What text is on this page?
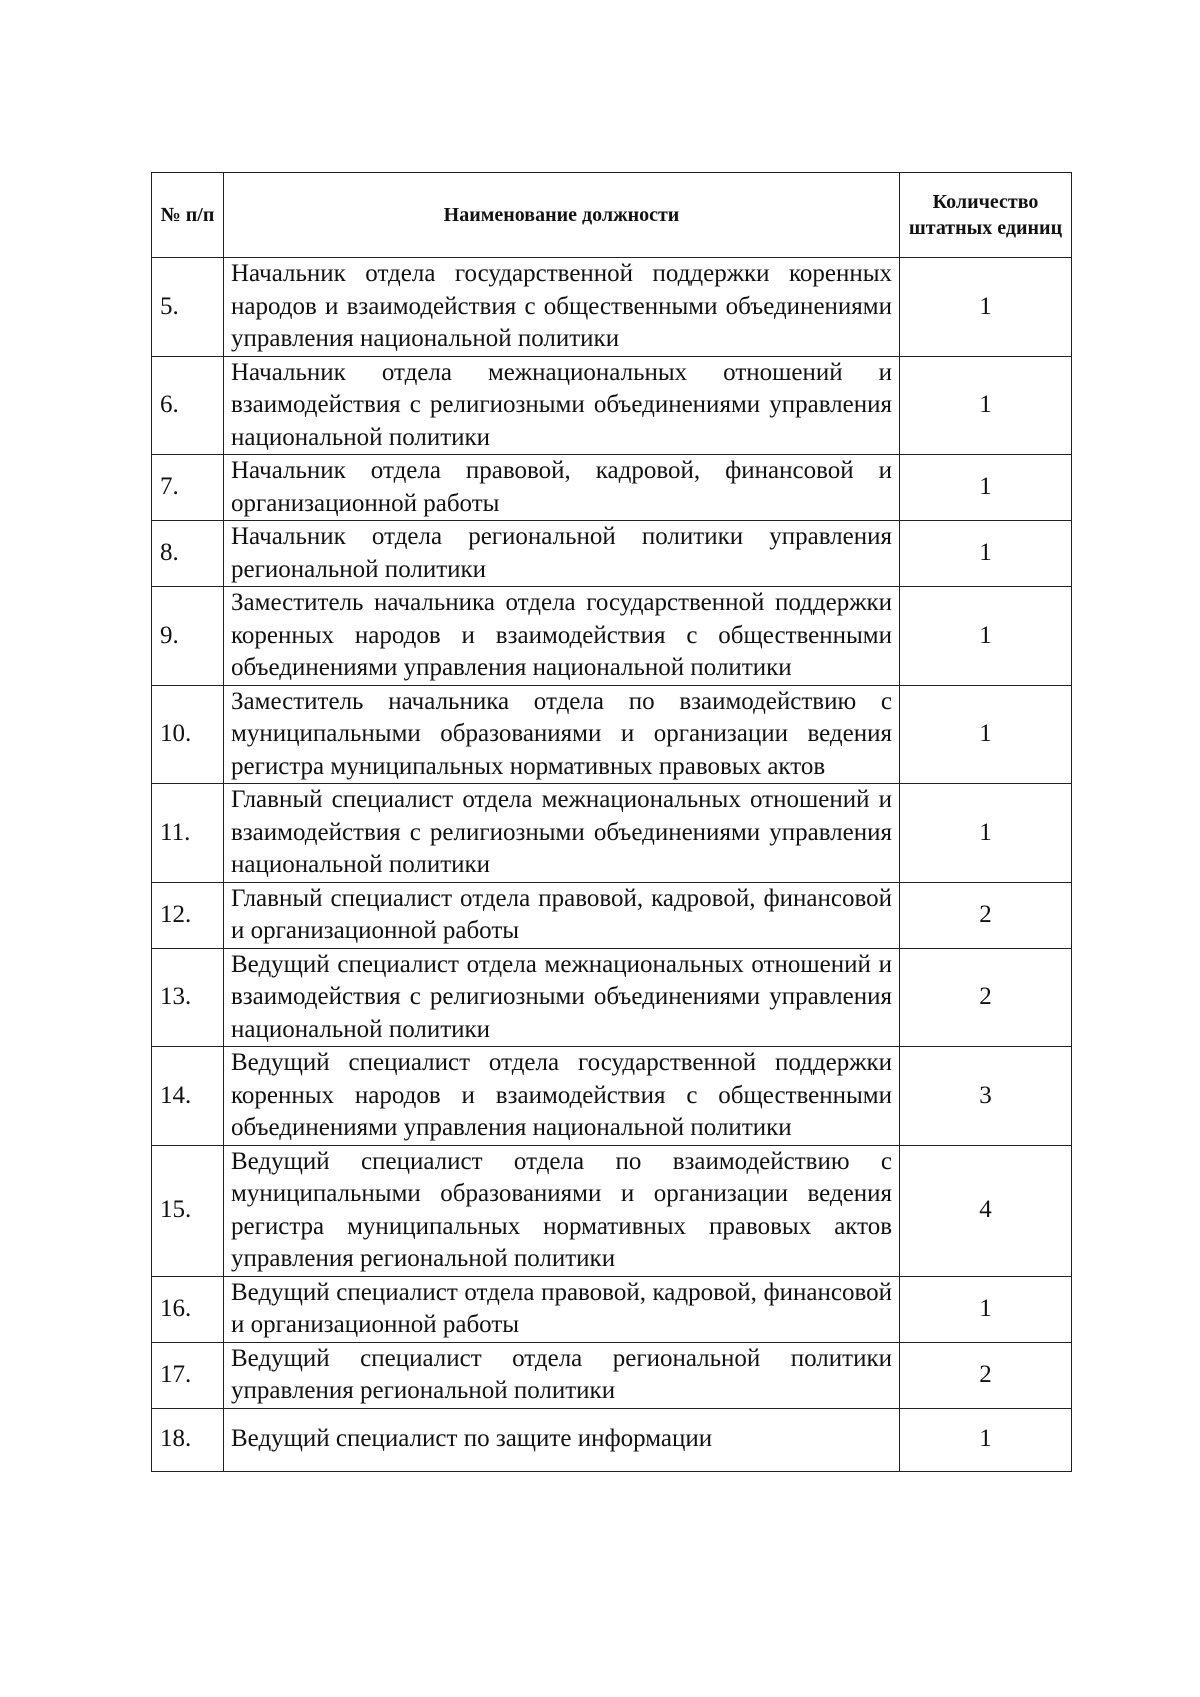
№ п/п	Наименование должности	Количество штатных единиц
5.	Начальник отдела государственной поддержки коренных народов и взаимодействия с общественными объединениями управления национальной политики	1
6.	Начальник отдела межнациональных отношений и взаимодействия с религиозными объединениями управления национальной политики	1
7.	Начальник отдела правовой, кадровой, финансовой и организационной работы	1
8.	Начальник отдела региональной политики управления региональной политики	1
9.	Заместитель начальника отдела государственной поддержки коренных народов и взаимодействия с общественными объединениями управления национальной политики	1
10.	Заместитель начальника отдела по взаимодействию с муниципальными образованиями и организации ведения регистра муниципальных нормативных правовых актов	1
11.	Главный специалист отдела межнациональных отношений и взаимодействия с религиозными объединениями управления национальной политики	1
12.	Главный специалист отдела правовой, кадровой, финансовой и организационной работы	2
13.	Ведущий специалист отдела межнациональных отношений и взаимодействия с религиозными объединениями управления национальной политики	2
14.	Ведущий специалист отдела государственной поддержки коренных народов и взаимодействия с общественными объединениями управления национальной политики	3
15.	Ведущий специалист отдела по взаимодействию с муниципальными образованиями и организации ведения регистра муниципальных нормативных правовых актов управления региональной политики	4
16.	Ведущий специалист отдела правовой, кадровой, финансовой и организационной работы	1
17.	Ведущий специалист отдела региональной политики управления региональной политики	2
18.	Ведущий специалист по защите информации	1
